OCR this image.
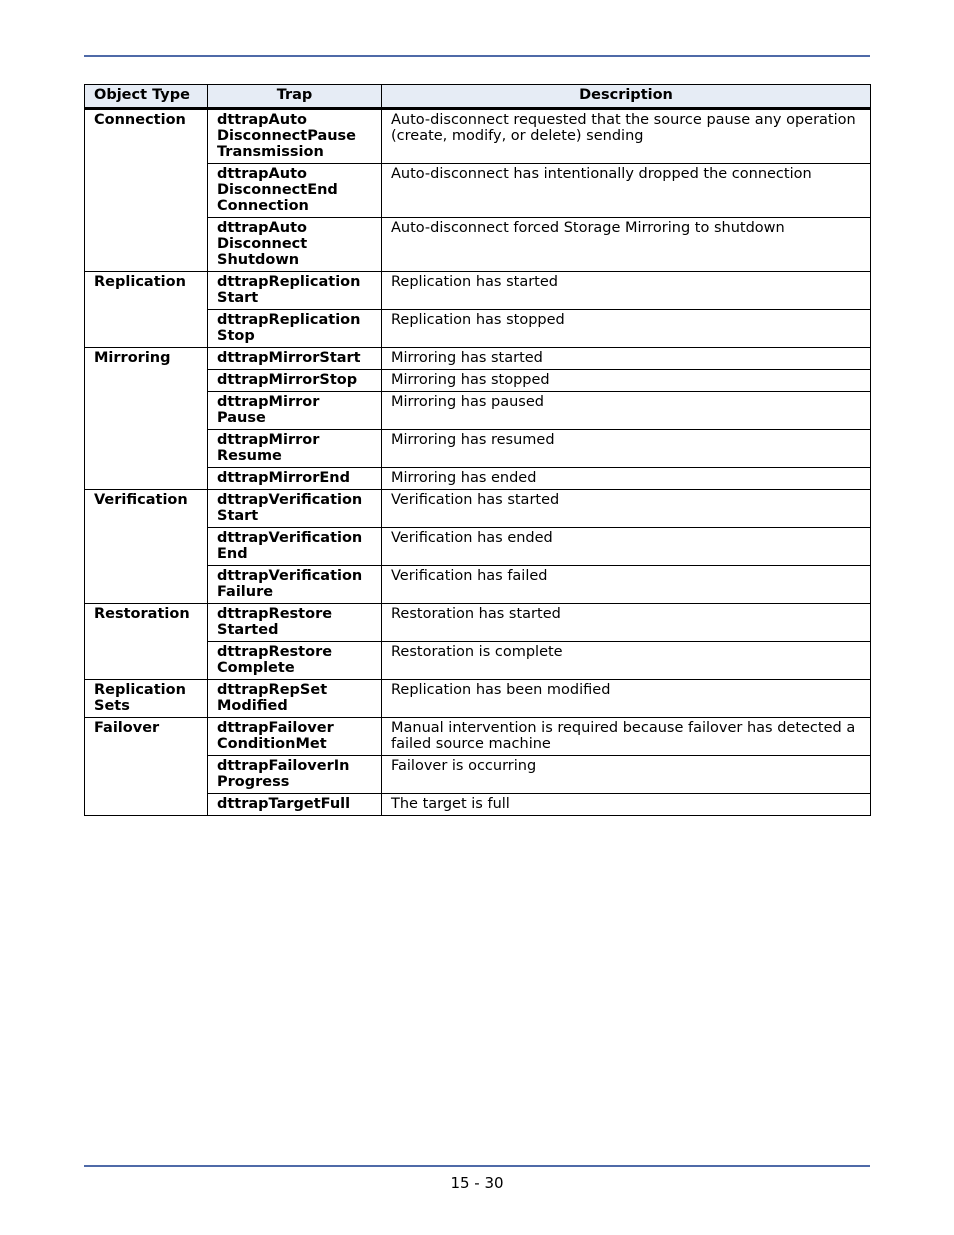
Object Type	Trap	Description
Connection	dttrapAuto DisconnectPause Transmission	Auto-disconnect requested that the source pause any operation (create, modify, or delete) sending
	dttrapAuto DisconnectEnd Connection	Auto-disconnect has intentionally dropped the connection
	dttrapAuto Disconnect Shutdown	Auto-disconnect forced Storage Mirroring to shutdown
Replication	dttrapReplication Start	Replication has started
	dttrapReplication Stop	Replication has stopped
Mirroring	dttrapMirrorStart	Mirroring has started
	dttrapMirrorStop	Mirroring has stopped
	dttrapMirror Pause	Mirroring has paused
	dttrapMirror Resume	Mirroring has resumed
	dttrapMirrorEnd	Mirroring has ended
Verification	dttrapVerification Start	Verification has started
	dttrapVerification End	Verification has ended
	dttrapVerification Failure	Verification has failed
Restoration	dttrapRestore Started	Restoration has started
	dttrapRestore Complete	Restoration is complete
Replication Sets	dttrapRepSet Modified	Replication has been modified
Failover	dttrapFailover ConditionMet	Manual intervention is required because failover has detected a failed source machine
	dttrapFailoverIn Progress	Failover is occurring
	dttrapTargetFull	The target is full
15 - 30
